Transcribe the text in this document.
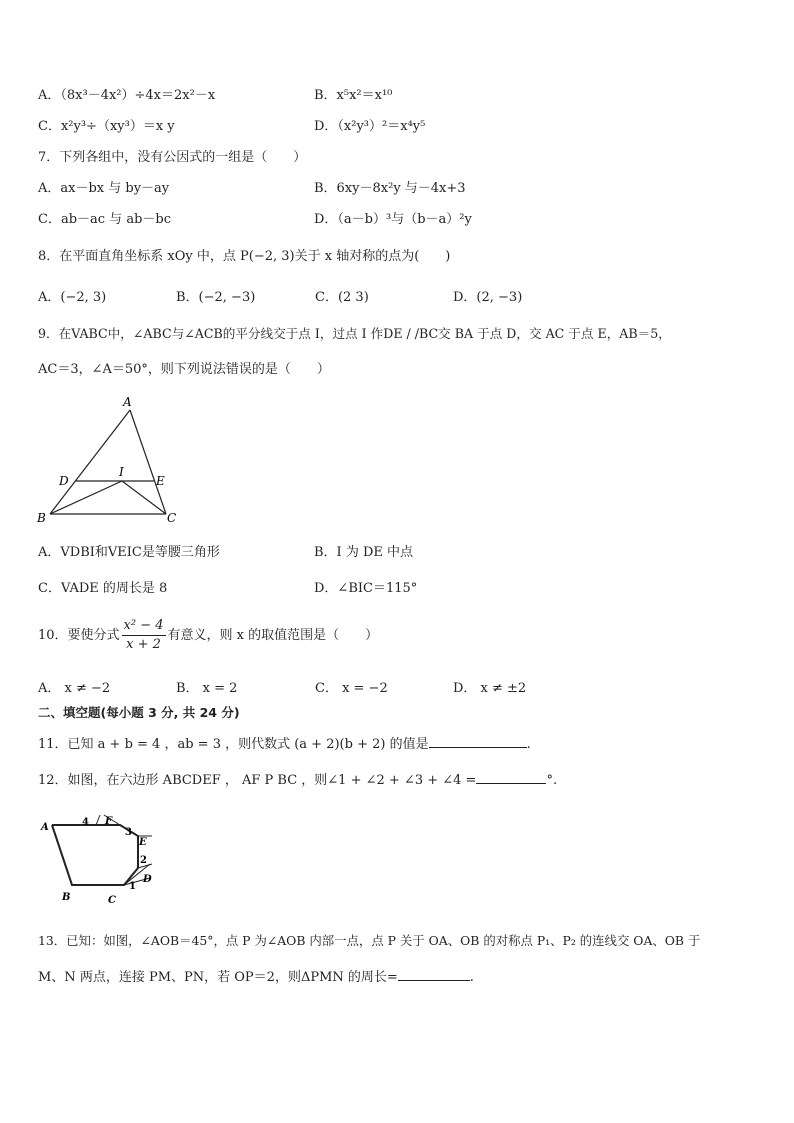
A．（8x³－4x²）÷4x＝2x²－x	B．x⁵x²＝x¹⁰
C．x²y³÷（xy³）＝x y	D．（x²y³）²＝x⁴y⁵
7．下列各组中，没有公因式的一组是（　　）
A．ax－bx 与 by－ay	B．6xy－8x²y 与－4x+3
C．ab－ac 与 ab－bc	D．（a－b）³与（b－a）²y
8．在平面直角坐标系 xOy 中，点 P(−2, 3)关于 x 轴对称的点为(　　)
A．(−2, 3)	B．(−2, −3)	C．(2 3)	D．(2, −3)
9．在VABC中，∠ABC与∠ACB的平分线交于点 I，过点 I 作DE / /BC交 BA 于点 D，交 AC 于点 E，AB＝5，
AC＝3，∠A＝50°，则下列说法错误的是（　　）
A
B	C
D	E
I
A．VDBI和VEIC是等腰三角形	B．I 为 DE 中点
C．VADE 的周长是 8	D．∠BIC＝115°
10．要使分式 $\frac{\text{x² − 4}}{x + 2}$ 有意义，则 x 的取值范围是（　　）
A． x ≠ −2	B． x = 2	C． x = −2	D． x ≠ ±2
二、填空题(每小题 3 分, 共 24 分)
11．已知 a + b = 4 ，ab = 3 ，则代数式 (a + 2)(b + 2) 的值是	.
12．如图，在六边形 ABCDEF ， AF P BC ，则∠1 + ∠2 + ∠3 + ∠4 =	°.
A
B	C
D
E
F
4
3
2
1
13．已知：如图，∠AOB＝45°，点 P 为∠AOB 内部一点，点 P 关于 OA、OB 的对称点 P₁、P₂ 的连线交 OA、OB 于
M、N 两点，连接 PM、PN，若 OP＝2，则ΔPMN 的周长=	.
